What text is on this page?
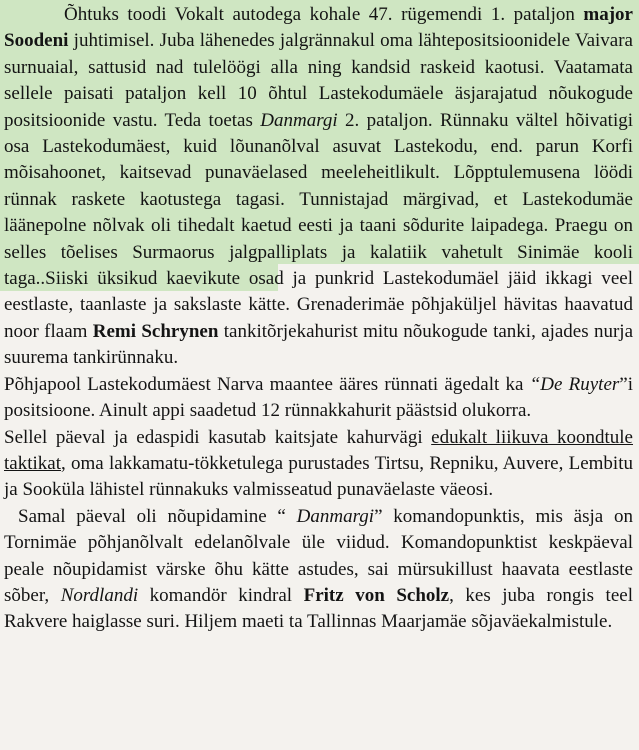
Õhtuks toodi Vokalt autodega kohale 47. rügemendi 1. pataljon major Soodeni juhtimisel. Juba lähenedes jalgrännakul oma lähtepositsioonidele Vaivara surnuaial, sattusid nad tulelöögi alla ning kandsid raskeid kaotusi. Vaatamata sellele paisati pataljon kell 10 õhtul Lastekodumäele äsjarajatud nõukogude positsioonide vastu. Teda toetas Danmargi 2. pataljon. Rünnaku vältel hõivatigi osa Lastekodumäest, kuid lõunanõlval asuvat Lastekodu, end. parun Korfi mõisahoonet, kaitsevad punaväelased meeleheitlikult. Lõpptulemusena löödi rünnak raskete kaotustega tagasi. Tunnistajad märgivad, et Lastekodumäe läänepolne nõlvak oli tihedalt kaetud eesti ja taani sõdurite laipadega. Praegu on selles tõelises Surmaorus jalgpalliplats ja kalatiik vahetult Sinimäe kooli taga..Siiski üksikud kaevikute osad ja punkrid Lastekodumäel jäid ikkagi veel eestlaste, taanlaste ja sakslaste kätte. Grenaderimäe põhjaküljel hävitas haavatud noor flaam Remi Schrynen tankitõrjekahurist mitu nõukogude tanki, ajades nurja suurema tankirünnaku.

Põhjapool Lastekodumäest Narva maantee ääres rünnati ägedalt ka “De Ruyter”i positsioone. Ainult appi saadetud 12 rünnakkahurit päästsid olukorra.

Sellel päeval ja edaspidi kasutab kaitsjate kahurvägi edukalt liikuva koondtule taktikat, oma lakkamatu-tökketulega purustades Tirtsu, Repniku, Auvere, Lembitu ja Sooküla lähistel rünnakuks valmisseatud punaväelaste väeosi.

Samal päeval oli nõupidamine “ Danmargi” komandopunktis, mis äsja on Tornimäe põhjanõlvalt edelanõlvale üle viidud. Komandopunktist keskpäeval peale nõupidamist värske õhu kätte astudes, sai mürsukillust haavata eestlaste sõber, Nordlandi komandör kindral Fritz von Scholz, kes juba rongis teel Rakvere haiglasse suri. Hiljem maeti ta Tallinnas Maarjamäe sõjaväekalmistule.
